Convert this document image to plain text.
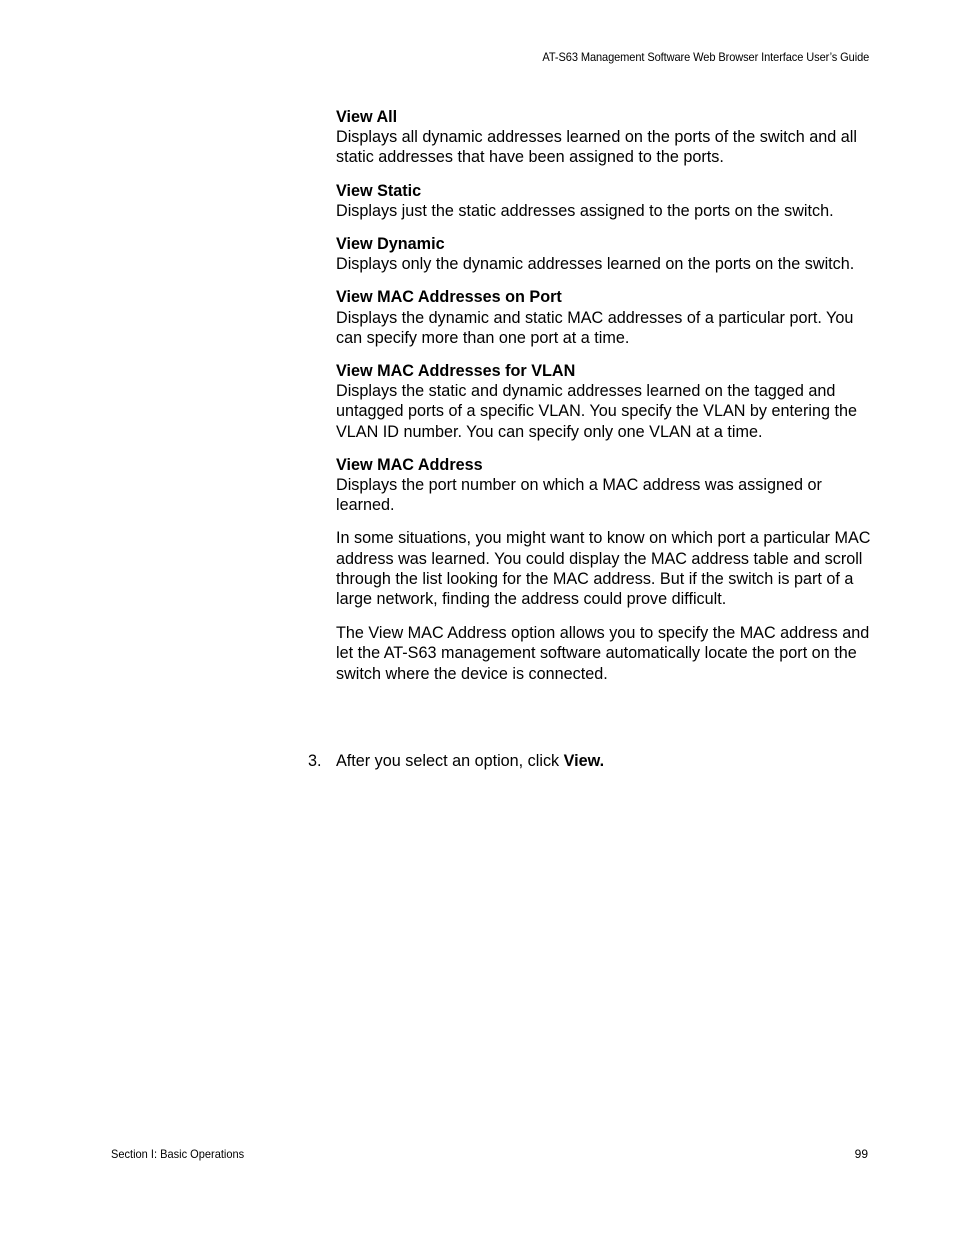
AT-S63 Management Software Web Browser Interface User’s Guide
View All

Displays all dynamic addresses learned on the ports of the switch and all static addresses that have been assigned to the ports.

View Static

Displays just the static addresses assigned to the ports on the switch.

View Dynamic

Displays only the dynamic addresses learned on the ports on the switch.

View MAC Addresses on Port

Displays the dynamic and static MAC addresses of a particular port. You can specify more than one port at a time.

View MAC Addresses for VLAN

Displays the static and dynamic addresses learned on the tagged and untagged ports of a specific VLAN. You specify the VLAN by entering the VLAN ID number. You can specify only one VLAN at a time.

View MAC Address

Displays the port number on which a MAC address was assigned or learned.

In some situations, you might want to know on which port a particular MAC address was learned. You could display the MAC address table and scroll through the list looking for the MAC address. But if the switch is part of a large network, finding the address could prove difficult.

The View MAC Address option allows you to specify the MAC address and let the AT-S63 management software automatically locate the port on the switch where the device is connected.

3. After you select an option, click View.
Section I: Basic Operations	99
